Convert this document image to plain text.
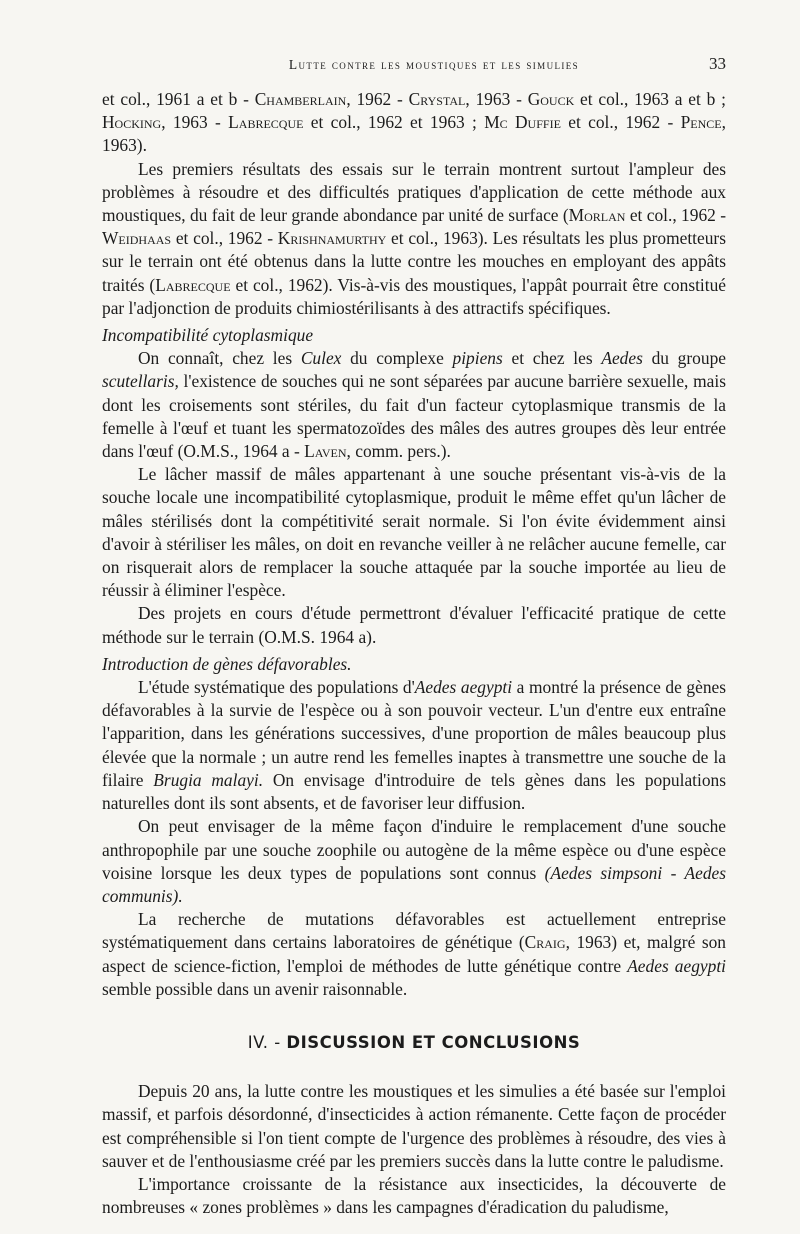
Lutte contre les moustiques et les simulies	33

et col., 1961 a et b - Chamberlain, 1962 - Crystal, 1963 - Gouck et col., 1963 a et b ; Hocking, 1963 - Labrecque et col., 1962 et 1963 ; Mc Duffie et col., 1962 - Pence, 1963).

Les premiers résultats des essais sur le terrain montrent surtout l'ampleur des problèmes à résoudre et des difficultés pratiques d'application de cette méthode aux moustiques, du fait de leur grande abondance par unité de surface (Morlan et col., 1962 - Weidhaas et col., 1962 - Krishnamurthy et col., 1963). Les résultats les plus prometteurs sur le terrain ont été obtenus dans la lutte contre les mouches en employant des appâts traités (Labrecque et col., 1962). Vis-à-vis des moustiques, l'appât pourrait être constitué par l'adjonction de produits chimiostérilisants à des attractifs spécifiques.

Incompatibilité cytoplasmique

On connaît, chez les Culex du complexe pipiens et chez les Aedes du groupe scutellaris, l'existence de souches qui ne sont séparées par aucune barrière sexuelle, mais dont les croisements sont stériles, du fait d'un facteur cytoplasmique transmis de la femelle à l'œuf et tuant les spermatozoïdes des mâles des autres groupes dès leur entrée dans l'œuf (O.M.S., 1964 a - Laven, comm. pers.).

Le lâcher massif de mâles appartenant à une souche présentant vis-à-vis de la souche locale une incompatibilité cytoplasmique, produit le même effet qu'un lâcher de mâles stérilisés dont la compétitivité serait normale. Si l'on évite évidemment ainsi d'avoir à stériliser les mâles, on doit en revanche veiller à ne relâcher aucune femelle, car on risquerait alors de remplacer la souche attaquée par la souche importée au lieu de réussir à éliminer l'espèce.

Des projets en cours d'étude permettront d'évaluer l'efficacité pratique de cette méthode sur le terrain (O.M.S. 1964 a).

Introduction de gènes défavorables.

L'étude systématique des populations d'Aedes aegypti a montré la présence de gènes défavorables à la survie de l'espèce ou à son pouvoir vecteur. L'un d'entre eux entraîne l'apparition, dans les générations successives, d'une proportion de mâles beaucoup plus élevée que la normale ; un autre rend les femelles inaptes à transmettre une souche de la filaire Brugia malayi. On envisage d'introduire de tels gènes dans les populations naturelles dont ils sont absents, et de favoriser leur diffusion.

On peut envisager de la même façon d'induire le remplacement d'une souche anthropophile par une souche zoophile ou autogène de la même espèce ou d'une espèce voisine lorsque les deux types de populations sont connus (Aedes simpsoni - Aedes communis).

La recherche de mutations défavorables est actuellement entreprise systématiquement dans certains laboratoires de génétique (Craig, 1963) et, malgré son aspect de science-fiction, l'emploi de méthodes de lutte génétique contre Aedes aegypti semble possible dans un avenir raisonnable.

IV. - DISCUSSION ET CONCLUSIONS

Depuis 20 ans, la lutte contre les moustiques et les simulies a été basée sur l'emploi massif, et parfois désordonné, d'insecticides à action rémanente. Cette façon de procéder est compréhensible si l'on tient compte de l'urgence des problèmes à résoudre, des vies à sauver et de l'enthousiasme créé par les premiers succès dans la lutte contre le paludisme.

L'importance croissante de la résistance aux insecticides, la découverte de nombreuses « zones problèmes » dans les campagnes d'éradication du paludisme,
